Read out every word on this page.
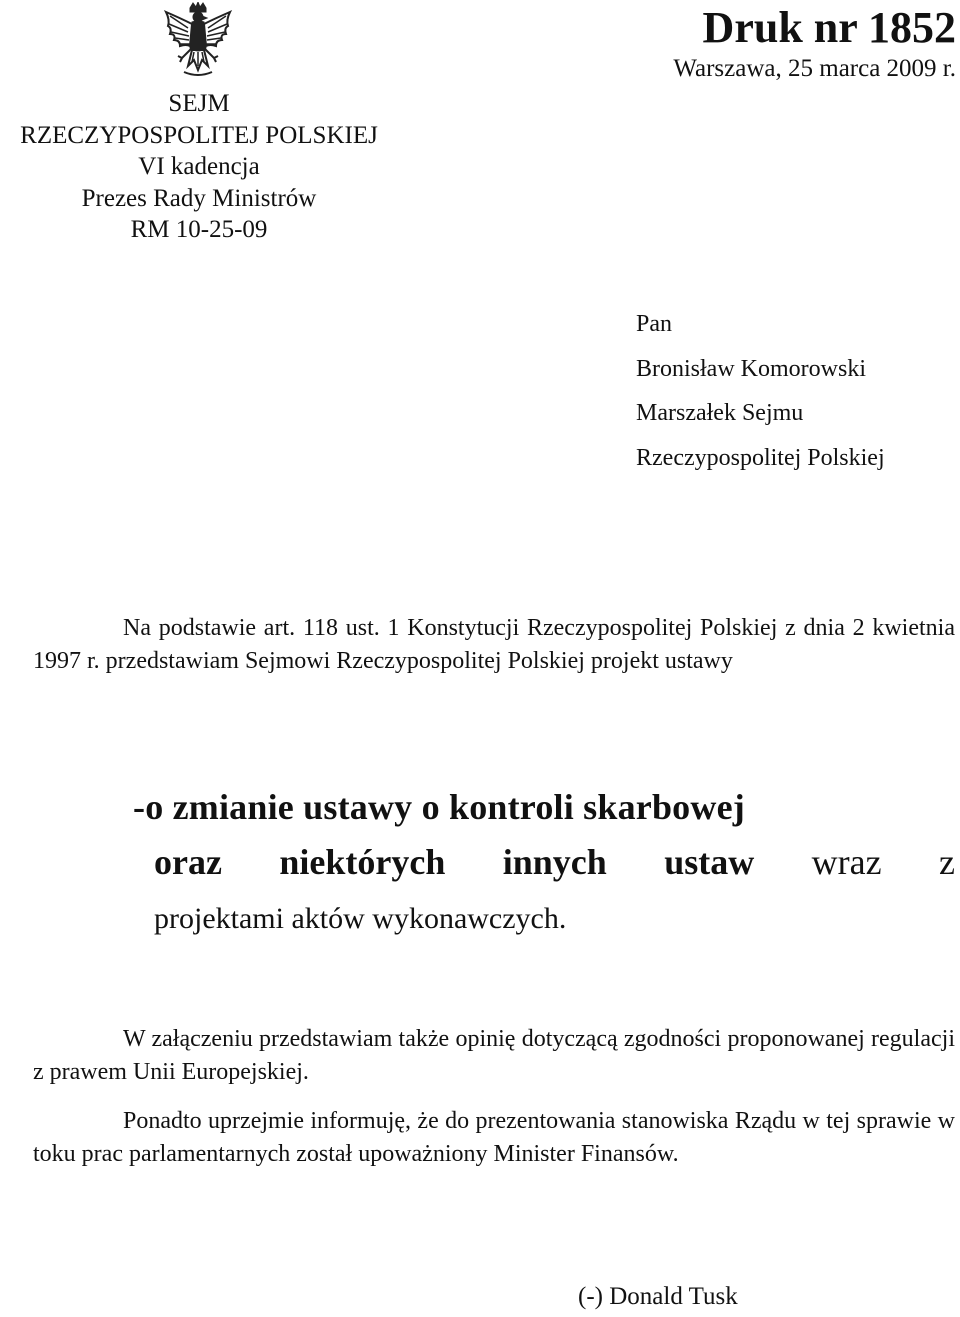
SEJM
RZECZYPOSPOLITEJ POLSKIEJ
VI kadencja
Prezes Rady Ministrów
RM 10-25-09
Druk nr 1852
Warszawa, 25 marca 2009 r.
Pan
Bronisław Komorowski
Marszałek Sejmu
Rzeczypospolitej Polskiej
Na podstawie art. 118 ust. 1 Konstytucji Rzeczypospolitej Polskiej z dnia 2 kwietnia 1997 r. przedstawiam Sejmowi Rzeczypospolitej Polskiej projekt ustawy
-o zmianie ustawy o kontroli skarbowej
oraz niektórych innych ustaw wraz z
projektami aktów wykonawczych.
W załączeniu przedstawiam także opinię dotyczącą zgodności proponowanej regulacji z prawem Unii Europejskiej.
Ponadto uprzejmie informuję, że do prezentowania stanowiska Rządu w tej sprawie w toku prac parlamentarnych został upoważniony Minister Finansów.
(-) Donald Tusk
